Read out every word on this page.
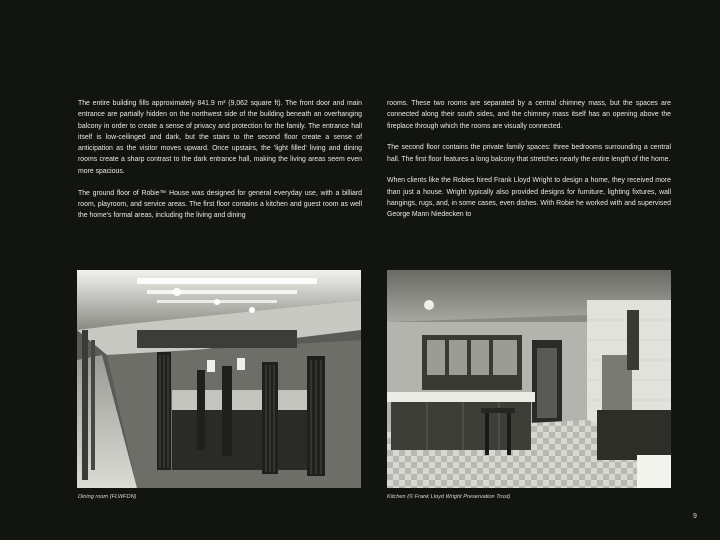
The entire building fills approximately 841.9 m² (9,062 square ft). The front door and main entrance are partially hidden on the northwest side of the building beneath an overhanging balcony in order to create a sense of privacy and protection for the family. The entrance hall itself is low-ceilinged and dark, but the stairs to the second floor create a sense of anticipation as the visitor moves upward. Once upstairs, the 'light filled' living and dining rooms create a sharp contrast to the dark entrance hall, making the living areas seem even more spacious.

The ground floor of Robie™ House was designed for general everyday use, with a billiard room, playroom, and service areas. The first floor contains a kitchen and guest room as well the home's formal areas, including the living and dining

rooms. These two rooms are separated by a central chimney mass, but the spaces are connected along their south sides, and the chimney mass itself has an opening above the fireplace through which the rooms are visually connected.

The second floor contains the private family spaces: three bedrooms surrounding a central hall. The first floor features a long balcony that stretches nearly the entire length of the home.

When clients like the Robies hired Frank Lloyd Wright to design a home, they received more than just a house. Wright typically also provided designs for furniture, lighting fixtures, wall hangings, rugs, and, in some cases, even dishes. With Robie he worked with and supervised George Mann Niedecken to

Dining room (FLWFDN)	Kitchen (© Frank Lloyd Wright Preservation Trust)
9
